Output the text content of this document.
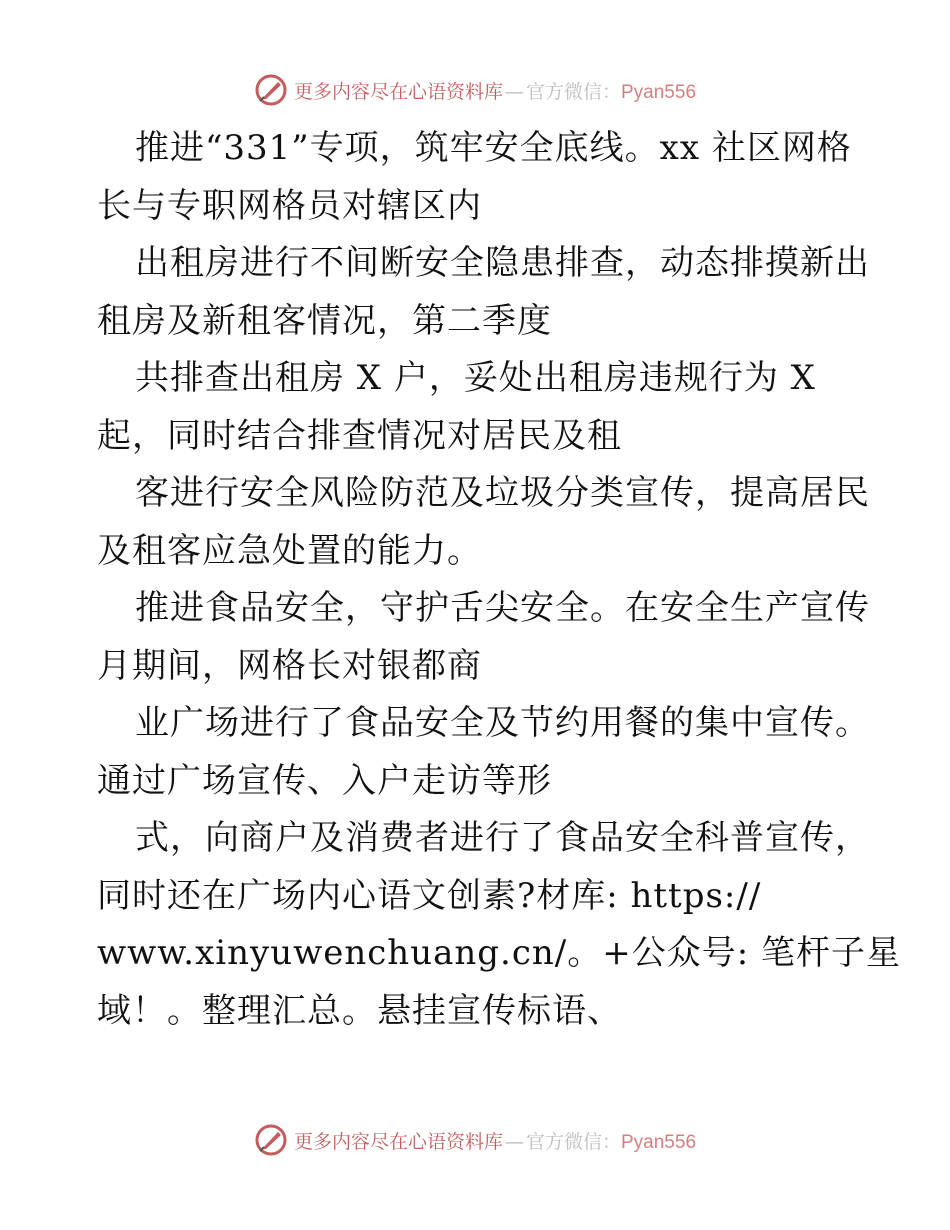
更多内容尽在心语资料库 — 官方微信：Pyan556
推进“331”专项，筑牢安全底线。xx 社区网格
长与专职网格员对辖区内
出租房进行不间断安全隐患排查，动态排摸新出
租房及新租客情况，第二季度
共排查出租房 X 户，妥处出租房违规行为 X
起，同时结合排查情况对居民及租
客进行安全风险防范及垃圾分类宣传，提高居民
及租客应急处置的能力。
推进食品安全，守护舌尖安全。在安全生产宣传
月期间，网格长对银都商
业广场进行了食品安全及节约用餐的集中宣传。
通过广场宣传、入户走访等形
式，向商户及消费者进行了食品安全科普宣传，
同时还在广场内心语文创素?材库: https://
www.xinyuwenchuang.cn/。+公众号: 笔杆子星
域！。整理汇总。悬挂宣传标语、
更多内容尽在心语资料库 — 官方微信：Pyan556
